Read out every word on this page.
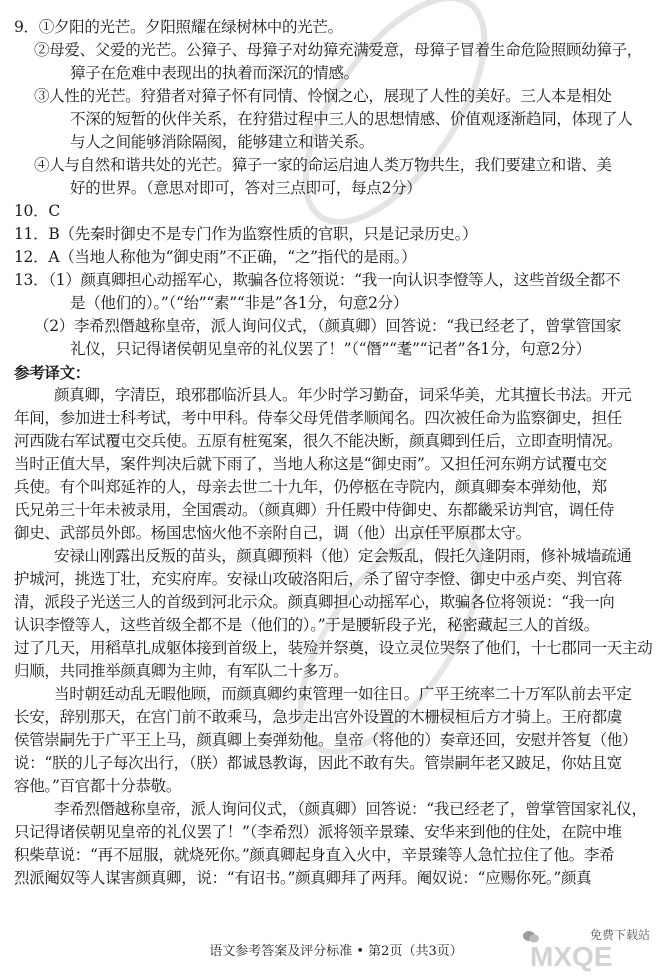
9．①夕阳的光芒。夕阳照耀在绿树林中的光芒。
②母爱、父爱的光芒。公獐子、母獐子对幼獐充满爱意，母獐子冒着生命危险照顾幼獐子，
獐子在危难中表现出的执着而深沉的情感。
③人性的光芒。狩猎者对獐子怀有同情、怜悯之心，展现了人性的美好。三人本是相处
不深的短暂的伙伴关系，在狩猎过程中三人的思想情感、价值观逐渐趋同，体现了人
与人之间能够消除隔阂，能够建立和谐关系。
④人与自然和谐共处的光芒。獐子一家的命运启迪人类万物共生，我们要建立和谐、美
好的世界。（意思对即可，答对三点即可，每点2分）
10．C
11．B（先秦时御史不是专门作为监察性质的官职，只是记录历史。）
12．A（当地人称他为“御史雨”不正确，“之”指代的是雨。）
13．（1）颜真卿担心动摇军心，欺骗各位将领说：“我一向认识李憕等人，这些首级全都不
是（他们的）。”（“绐”“素”“非是”各1分，句意2分）
（2）李希烈僭越称皇帝，派人询问仪式，（颜真卿）回答说：“我已经老了，曾掌管国家
礼仪，只记得诸侯朝见皇帝的礼仪罢了！”（“僭”“耄”“记者”各1分，句意2分）
参考译文：
颜真卿，字清臣，琅邪郡临沂县人。年少时学习勤奋，词采华美，尤其擅长书法。开元
年间，参加进士科考试，考中甲科。侍奉父母凭借孝顺闻名。四次被任命为监察御史，担任
河西陇右军试覆屯交兵使。五原有桩冤案，很久不能决断，颜真卿到任后，立即查明情况。
当时正值大旱，案件判决后就下雨了，当地人称这是“御史雨”。又担任河东朔方试覆屯交
兵使。有个叫郑延祚的人，母亲去世二十九年，仍停柩在寺院内，颜真卿奏本弹劾他，郑
氏兄弟三十年未被录用，全国震动。（颜真卿）升任殿中侍御史、东都畿采访判官，调任侍
御史、武部员外郎。杨国忠恼火他不亲附自己，调（他）出京任平原郡太守。
安禄山刚露出反叛的苗头，颜真卿预料（他）定会叛乱，假托久逢阴雨，修补城墙疏通
护城河，挑选丁壮，充实府库。安禄山攻破洛阳后，杀了留守李憕、御史中丞卢奕、判官蒋
清，派段子光送三人的首级到河北示众。颜真卿担心动摇军心，欺骗各位将领说：“我一向
认识李憕等人，这些首级全都不是（他们的）。”于是腰斩段子光，秘密藏起三人的首级。
过了几天，用稻草扎成躯体接到首级上，装殓并祭奠，设立灵位哭祭了他们，十七郡同一天主动
归顺，共同推举颜真卿为主帅，有军队二十多万。
当时朝廷动乱无暇他顾，而颜真卿约束管理一如往日。广平王统率二十万军队前去平定
长安，辞别那天，在宫门前不敢乘马，急步走出宫外设置的木栅棂桓后方才骑上。王府都虞
侯管崇嗣先于广平王上马，颜真卿上奏弹劾他。皇帝（将他的）奏章还回，安慰并答复（他）
说：“朕的儿子每次出行，（朕）都诚恳教诲，因此不敢有失。管崇嗣年老又跛足，你姑且宽
容他。”百官都十分恭敬。
李希烈僭越称皇帝，派人询问仪式，（颜真卿）回答说：“我已经老了，曾掌管国家礼仪，
只记得诸侯朝见皇帝的礼仪罢了！”（李希烈）派将领辛景臻、安华来到他的住处，在院中堆
积柴草说：“再不屈服，就烧死你。”颜真卿起身直入火中，辛景臻等人急忙拉住了他。李希
烈派阉奴等人谋害颜真卿，说：“有诏书。”颜真卿拜了两拜。阉奴说：“应赐你死。”颜真
语文参考答案及评分标准 • 第2页（共3页）
免费下载站
MXQE
